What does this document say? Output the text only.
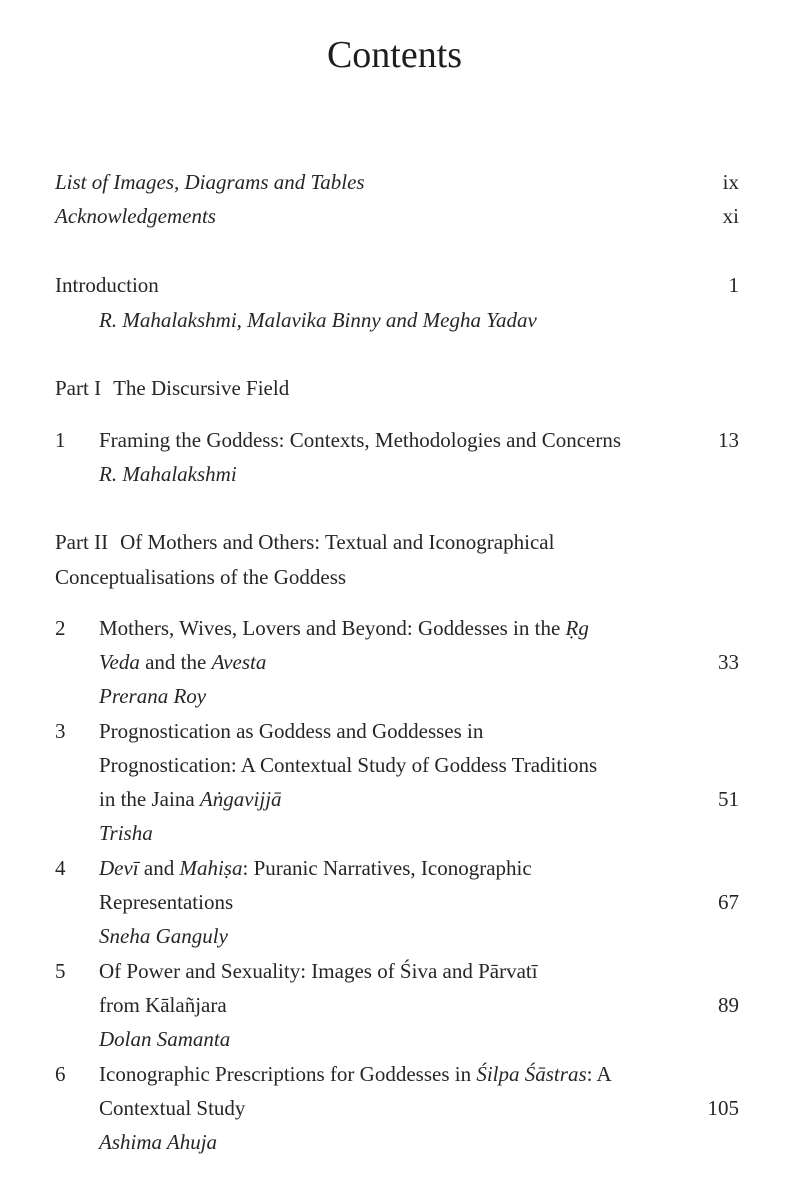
Contents
List of Images, Diagrams and Tables	ix
Acknowledgements	xi
Introduction	1
R. Mahalakshmi, Malavika Binny and Megha Yadav
Part I The Discursive Field
1 Framing the Goddess: Contexts, Methodologies and Concerns	13
R. Mahalakshmi
Part II Of Mothers and Others: Textual and Iconographical
Conceptualisations of the Goddess
2 Mothers, Wives, Lovers and Beyond: Goddesses in the Ṛg
Veda and the Avesta	33
Prerana Roy
3 Prognostication as Goddess and Goddesses in
Prognostication: A Contextual Study of Goddess Traditions
in the Jaina Aṅgavijjā	51
Trisha
4 Devī and Mahiṣa: Puranic Narratives, Iconographic
Representations	67
Sneha Ganguly
5 Of Power and Sexuality: Images of Śiva and Pārvatī
from Kālañjara	89
Dolan Samanta
6 Iconographic Prescriptions for Goddesses in Śilpa Śāstras: A
Contextual Study	105
Ashima Ahuja
